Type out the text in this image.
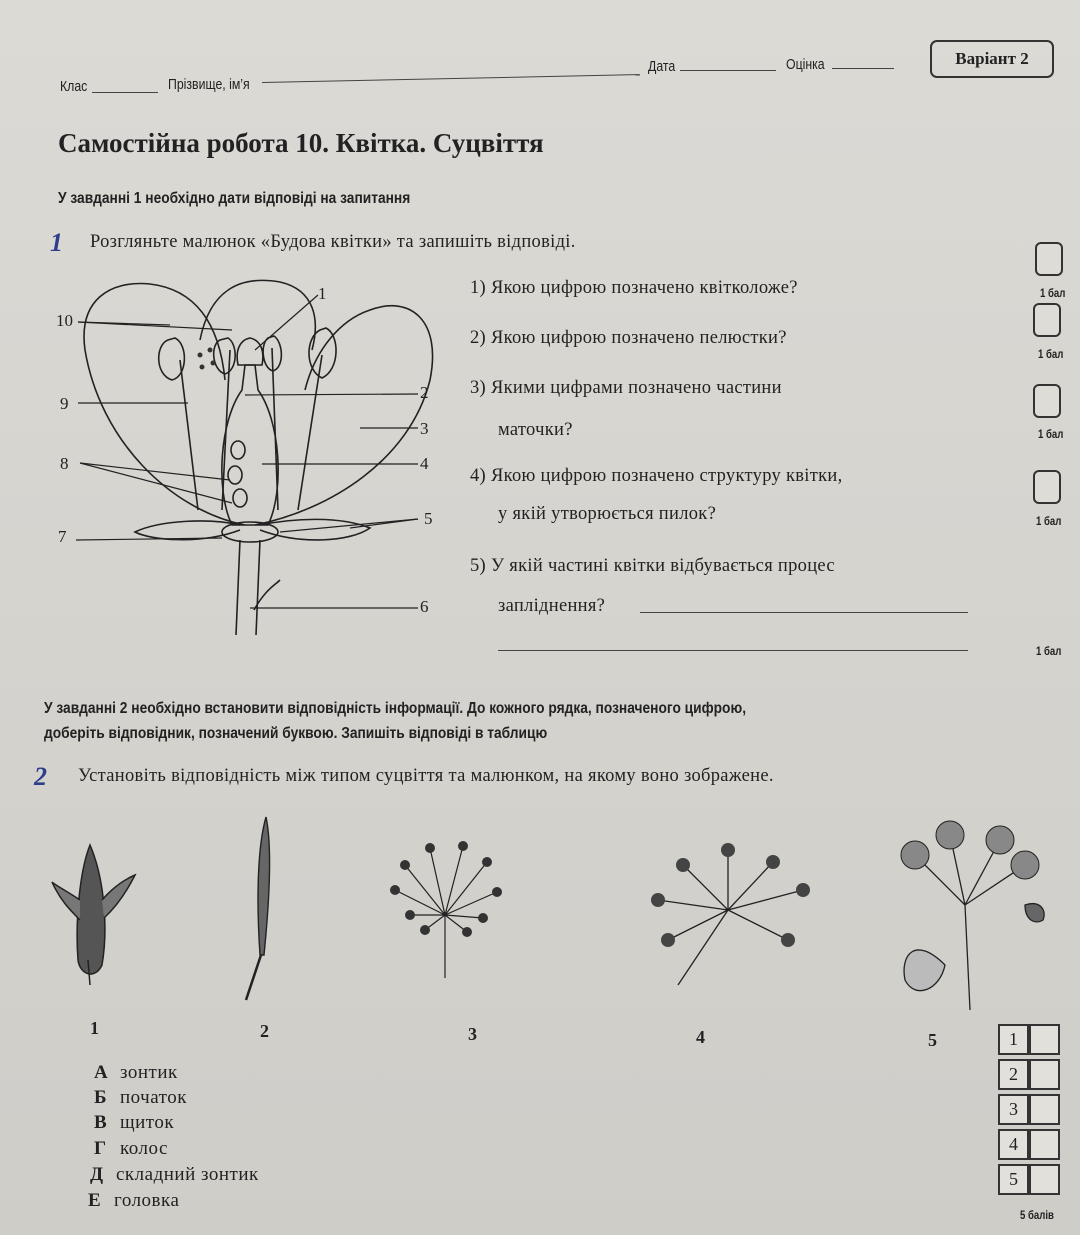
Клас	Прізвище, ім’я
Дата	Оцінка	Варіант 2
Самостійна робота 10. Квітка. Суцвіття
У завданні 1 необхідно дати відповіді на запитання
1 Розгляньте малюнок «Будова квітки» та запишіть відповіді.
1
2
3
4
5
6
7
8
9
10
1) Якою цифрою позначено квітколоже?
2) Якою цифрою позначено пелюстки?
3) Якими цифрами позначено частини
маточки?
4) Якою цифрою позначено структуру квітки,
у якій утворюється пилок?
5) У якій частині квітки відбувається процес
запліднення?
1 бал
1 бал
1 бал
1 бал
1 бал
У завданні 2 необхідно встановити відповідність інформації. До кожного рядка, позначеного цифрою,
доберіть відповідник, позначений буквою. Запишіть відповіді в таблицю
2 Установіть відповідність між типом суцвіття та малюнком, на якому воно зображене.
1	2	3	4	5
А зонтик
Б початок
В щиток
Г колос
Д складний зонтик
Е головка
1
2
3
4
5
5 балів
